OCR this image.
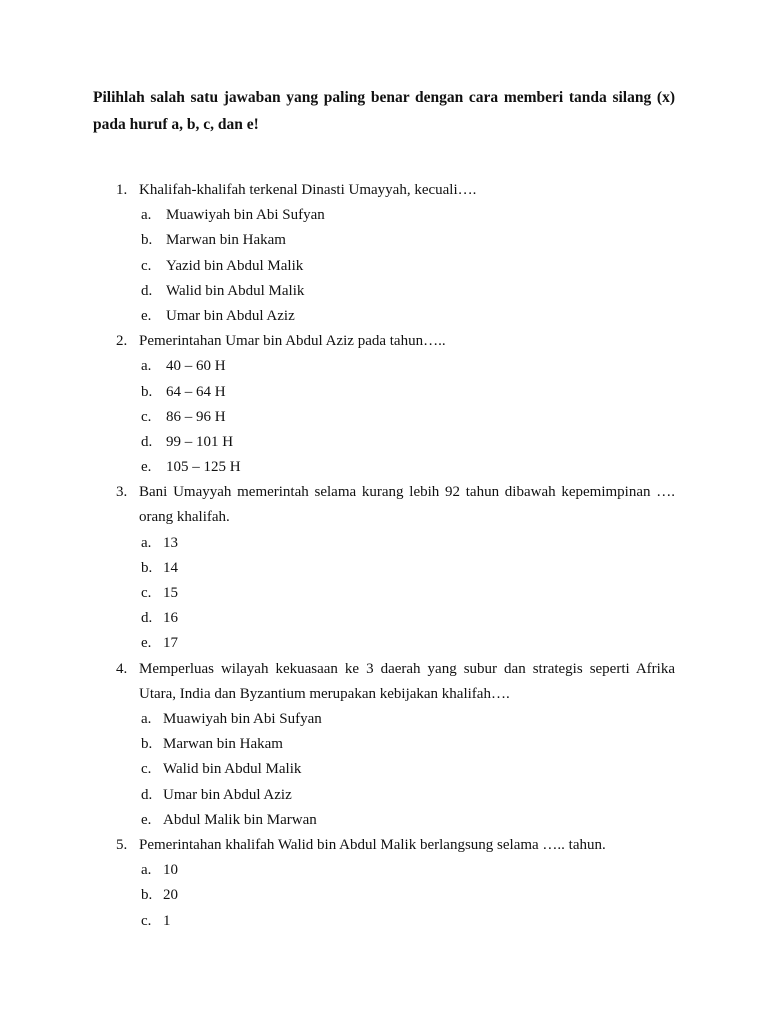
Pilihlah salah satu jawaban yang paling benar dengan cara memberi tanda silang (x) pada huruf a, b, c, dan e!
1. Khalifah-khalifah terkenal Dinasti Umayyah, kecuali….
a. Muawiyah bin Abi Sufyan
b. Marwan bin Hakam
c. Yazid bin Abdul Malik
d. Walid bin Abdul Malik
e. Umar bin Abdul Aziz
2. Pemerintahan Umar bin Abdul Aziz pada tahun…..
a. 40 – 60 H
b. 64 – 64 H
c. 86 – 96 H
d. 99 – 101 H
e. 105 – 125 H
3. Bani Umayyah memerintah selama kurang lebih 92 tahun dibawah kepemimpinan …. orang khalifah.
a. 13
b. 14
c. 15
d. 16
e. 17
4. Memperluas wilayah kekuasaan ke 3 daerah yang subur dan strategis seperti Afrika Utara, India dan Byzantium merupakan kebijakan khalifah….
a. Muawiyah bin Abi Sufyan
b. Marwan bin Hakam
c. Walid bin Abdul Malik
d. Umar bin Abdul Aziz
e. Abdul Malik bin Marwan
5. Pemerintahan khalifah Walid bin Abdul Malik berlangsung selama ….. tahun.
a. 10
b. 20
c. 1
